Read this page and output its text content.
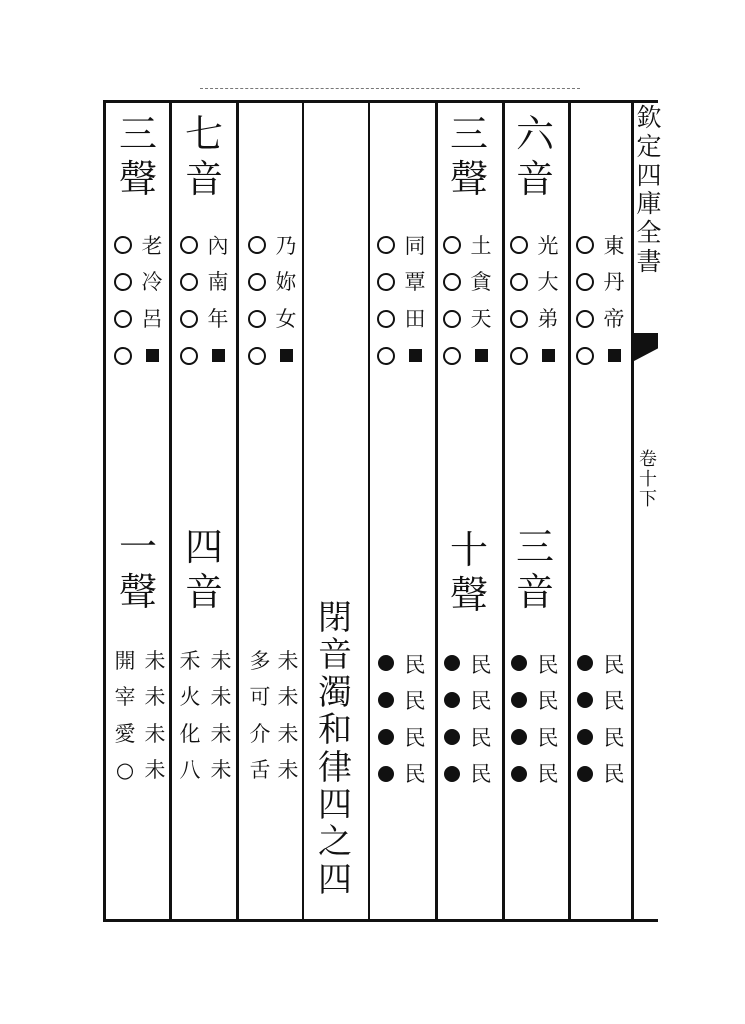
欽
定
四
庫
全
書
卷
十
下
東
丹
帝
民
民
民
民
六
音
光
大
弟
三
音
民
民
民
民
三
聲
土
貪
天
十
聲
民
民
民
民
同
覃
田
民
民
民
民
閉
音
濁
和
律
四
之
四
乃
妳
女
未
未
未
未
多
可
介
舌
七
音
內
南
年
四
音
未
未
未
未
禾
火
化
八
三
聲
老
冷
呂
一
聲
未
未
未
未
開
宰
愛
○
